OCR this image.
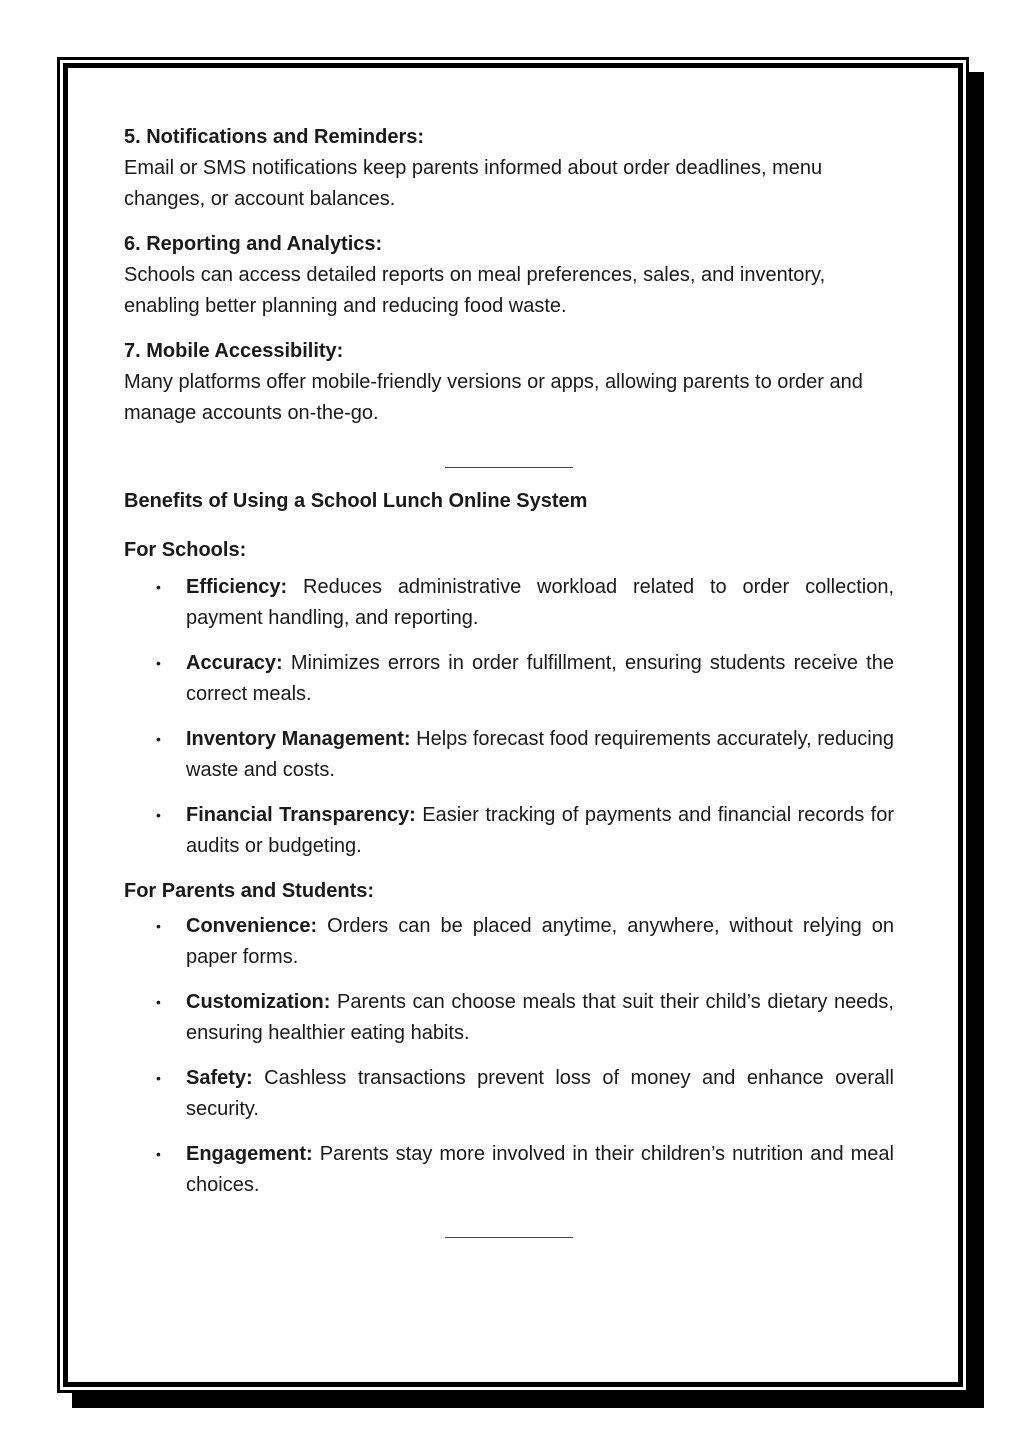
5. Notifications and Reminders:
Email or SMS notifications keep parents informed about order deadlines, menu changes, or account balances.
6. Reporting and Analytics:
Schools can access detailed reports on meal preferences, sales, and inventory, enabling better planning and reducing food waste.
7. Mobile Accessibility:
Many platforms offer mobile-friendly versions or apps, allowing parents to order and manage accounts on-the-go.
Benefits of Using a School Lunch Online System
For Schools:
• Efficiency: Reduces administrative workload related to order collection, payment handling, and reporting.
• Accuracy: Minimizes errors in order fulfillment, ensuring students receive the correct meals.
• Inventory Management: Helps forecast food requirements accurately, reducing waste and costs.
• Financial Transparency: Easier tracking of payments and financial records for audits or budgeting.
For Parents and Students:
• Convenience: Orders can be placed anytime, anywhere, without relying on paper forms.
• Customization: Parents can choose meals that suit their child’s dietary needs, ensuring healthier eating habits.
• Safety: Cashless transactions prevent loss of money and enhance overall security.
• Engagement: Parents stay more involved in their children’s nutrition and meal choices.
